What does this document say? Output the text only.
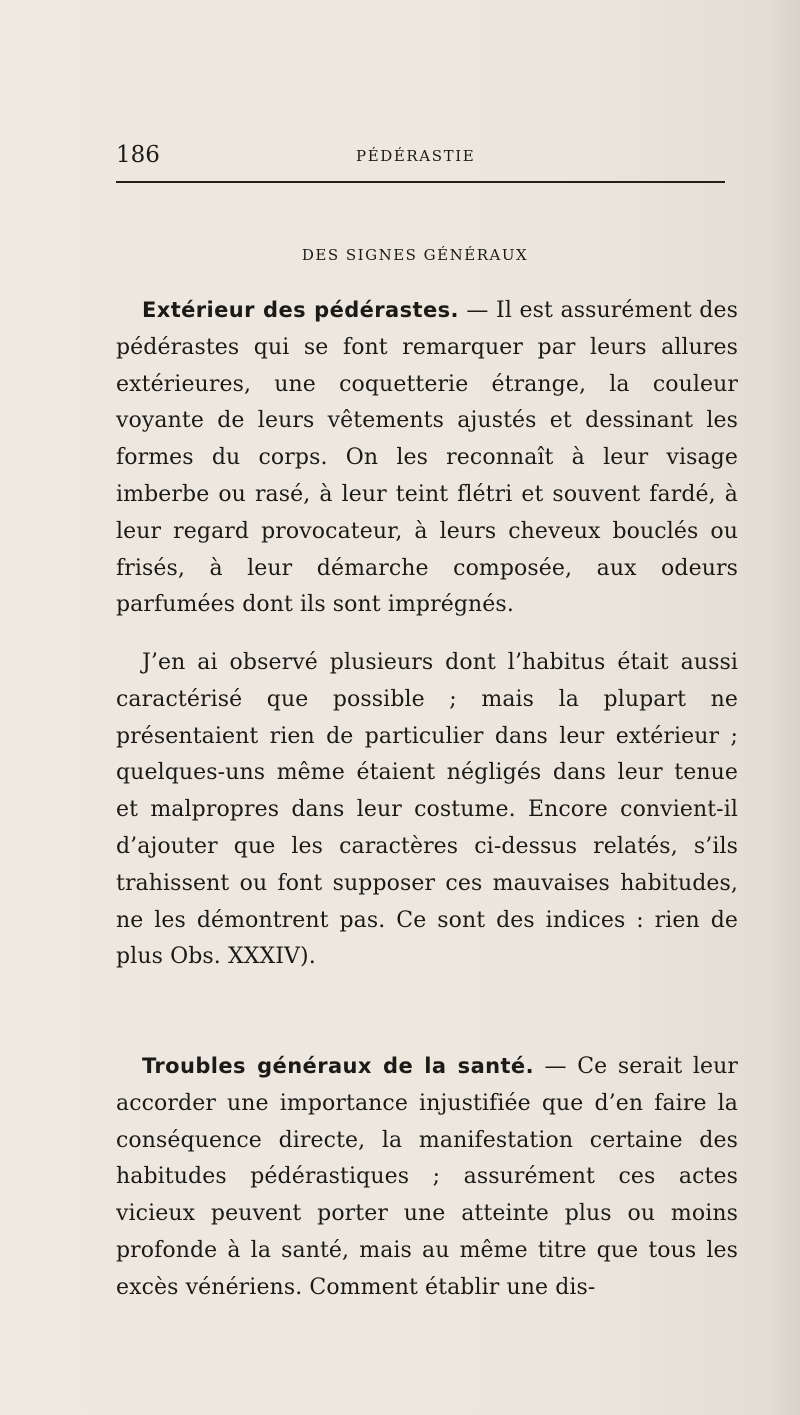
186	PÉDÉRASTIE
DES SIGNES GÉNÉRAUX
Extérieur des pédérastes. — Il est assurément des pédérastes qui se font remarquer par leurs allures extérieures, une coquetterie étrange, la couleur voyante de leurs vêtements ajustés et dessinant les formes du corps. On les reconnaît à leur visage imberbe ou rasé, à leur teint flétri et souvent fardé, à leur regard provocateur, à leurs cheveux bouclés ou frisés, à leur démarche composée, aux odeurs parfumées dont ils sont imprégnés.
J’en ai observé plusieurs dont l’habitus était aussi caractérisé que possible ; mais la plupart ne présentaient rien de particulier dans leur extérieur ; quelques-uns même étaient négligés dans leur tenue et malpropres dans leur costume. Encore convient-il d’ajouter que les caractères ci-dessus relatés, s’ils trahissent ou font supposer ces mauvaises habitudes, ne les démontrent pas. Ce sont des indices : rien de plus Obs. XXXIV).
Troubles généraux de la santé. — Ce serait leur accorder une importance injustifiée que d’en faire la conséquence directe, la manifestation certaine des habitudes pédérastiques ; assurément ces actes vicieux peuvent porter une atteinte plus ou moins profonde à la santé, mais au même titre que tous les excès vénériens. Comment établir une dis-
